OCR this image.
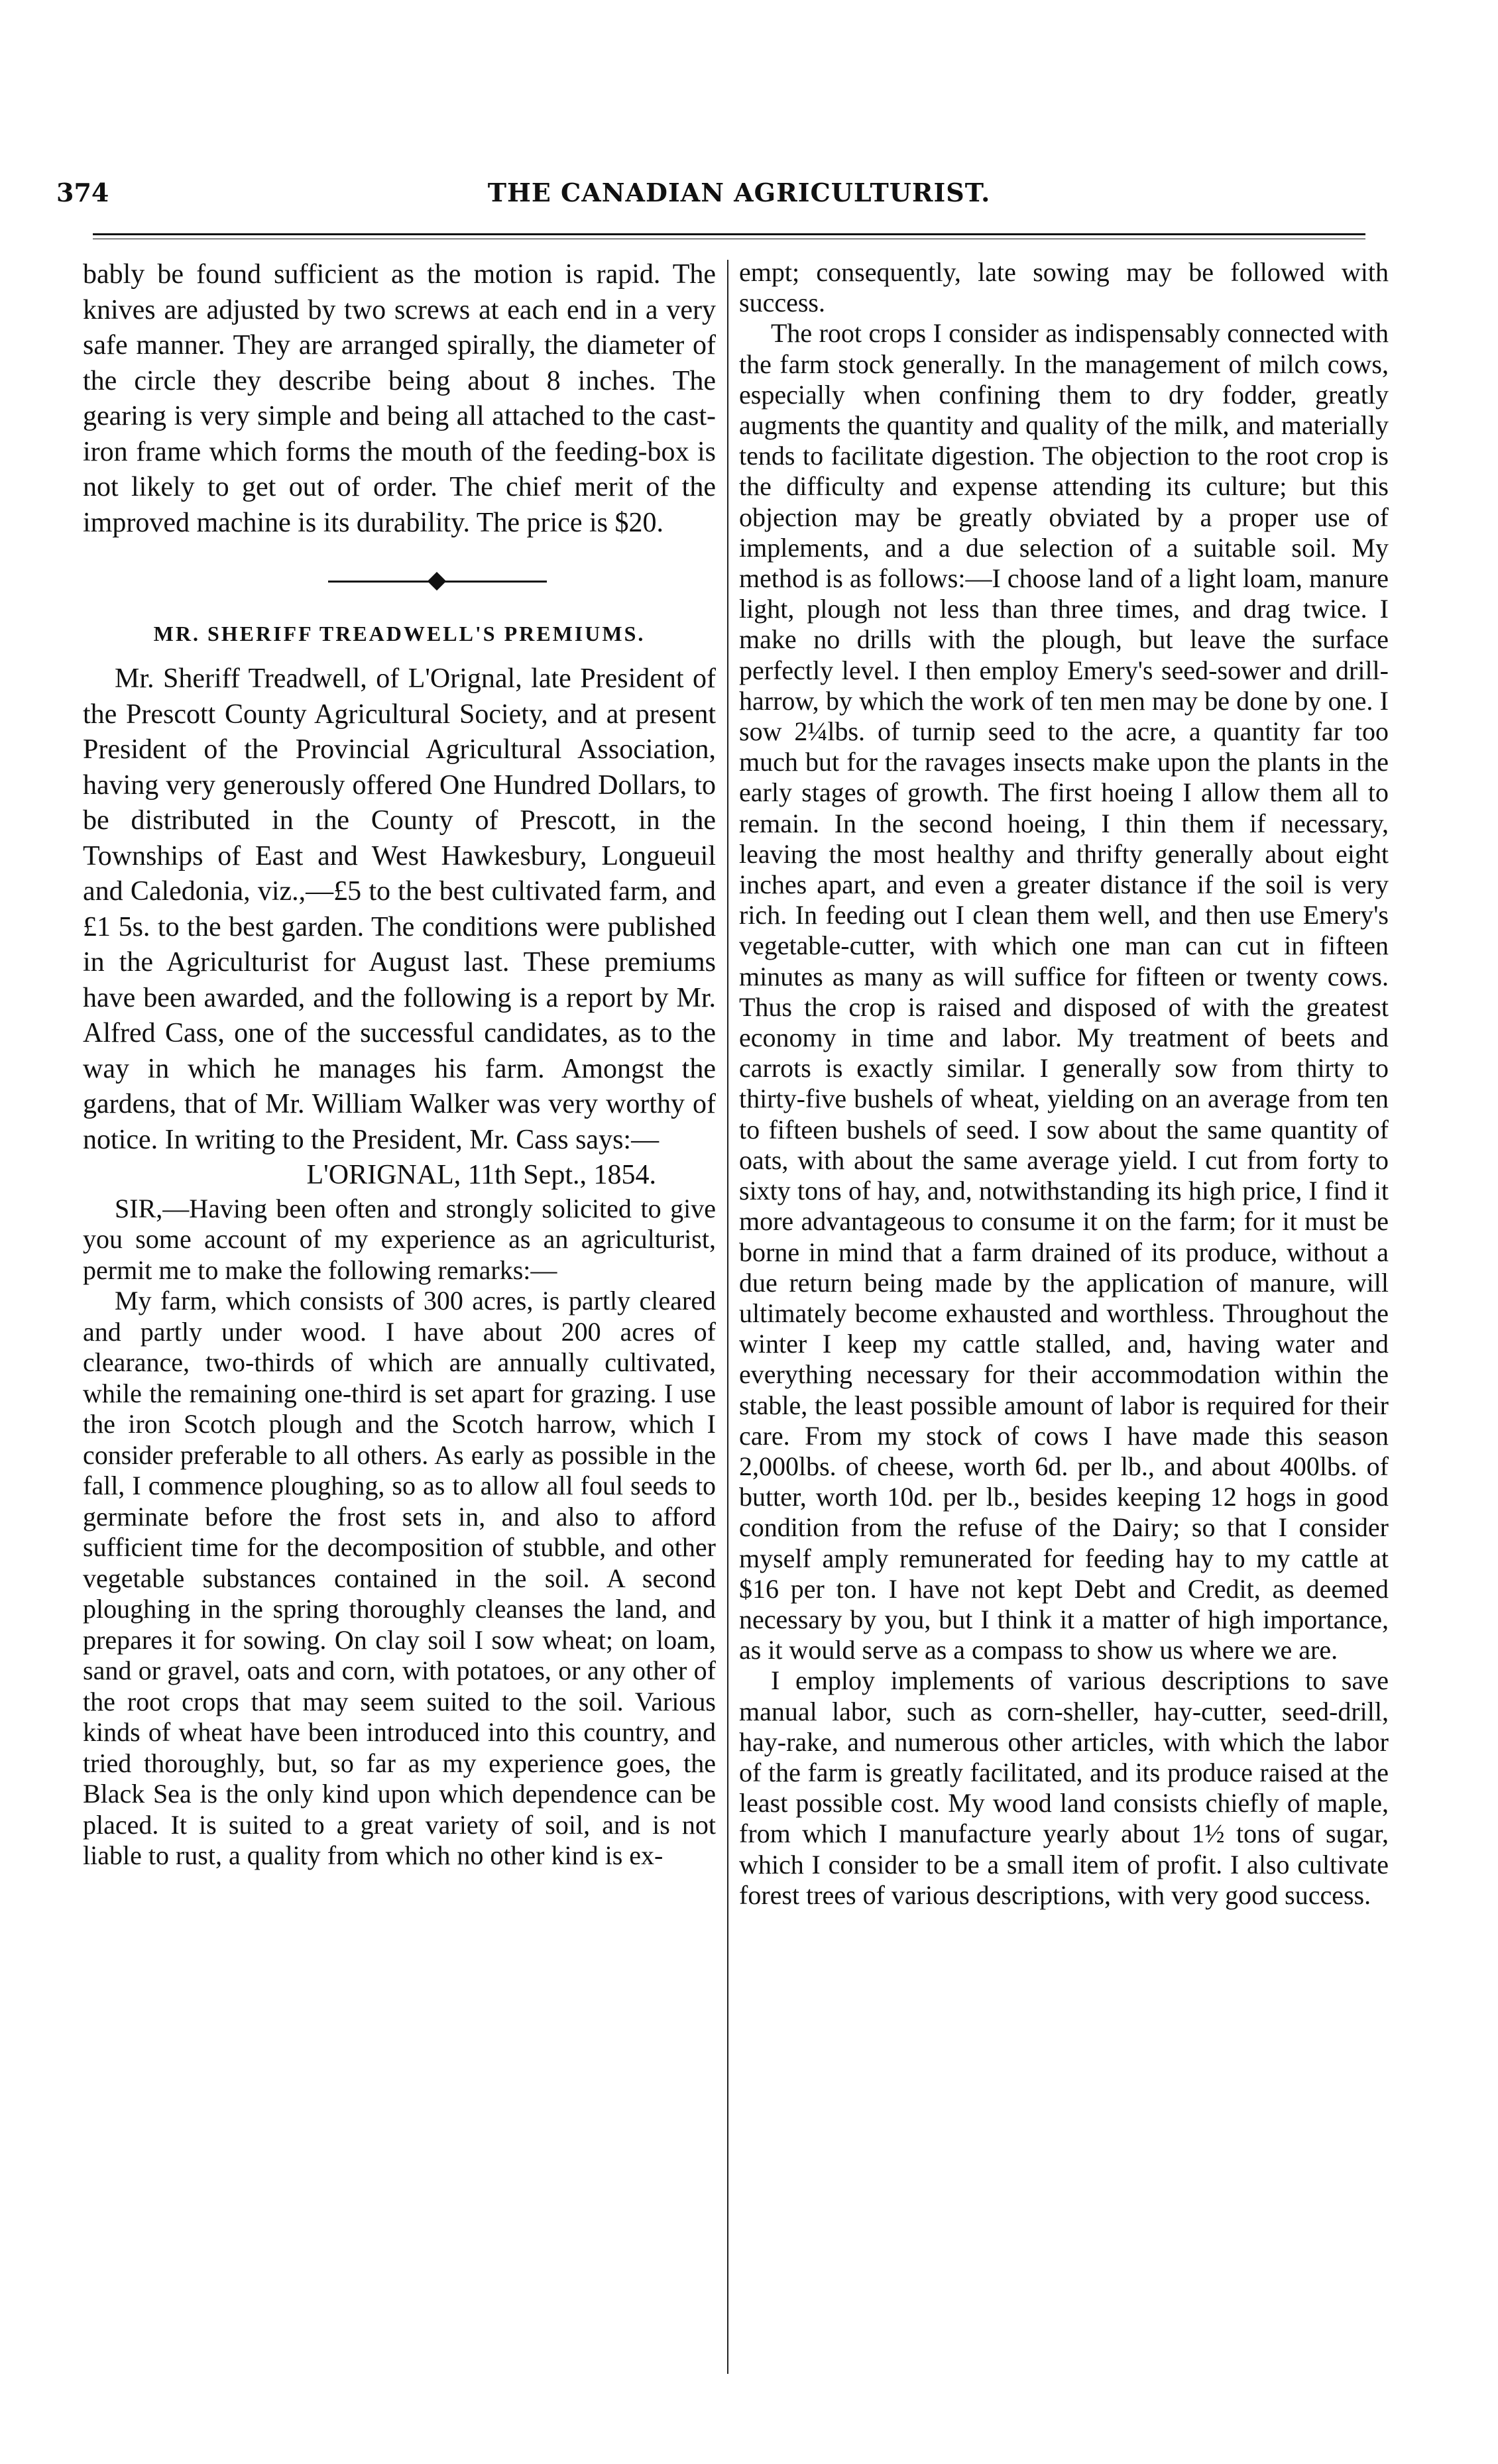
374	THE CANADIAN AGRICULTURIST.

bably be found sufficient as the motion is rapid. The knives are adjusted by two screws at each end in a very safe manner. They are arranged spirally, the diameter of the circle they describe being about 8 inches. The gearing is very simple and being all attached to the cast-iron frame which forms the mouth of the feeding-box is not likely to get out of order. The chief merit of the improved machine is its durability. The price is $20.

MR. SHERIFF TREADWELL'S PREMIUMS.

Mr. Sheriff Treadwell, of L'Orignal, late President of the Prescott County Agricultural Society, and at present President of the Provincial Agricultural Association, having very generously offered One Hundred Dollars, to be distributed in the County of Prescott, in the Townships of East and West Hawkesbury, Longueuil and Caledonia, viz.,—£5 to the best cultivated farm, and £1 5s. to the best garden. The conditions were published in the Agriculturist for August last. These premiums have been awarded, and the following is a report by Mr. Alfred Cass, one of the successful candidates, as to the way in which he manages his farm. Amongst the gardens, that of Mr. William Walker was very worthy of notice. In writing to the President, Mr. Cass says:—

L'ORIGNAL, 11th Sept., 1854.

SIR,—Having been often and strongly solicited to give you some account of my experience as an agriculturist, permit me to make the following remarks:—

My farm, which consists of 300 acres, is partly cleared and partly under wood. I have about 200 acres of clearance, two-thirds of which are annually cultivated, while the remaining one-third is set apart for grazing. I use the iron Scotch plough and the Scotch harrow, which I consider preferable to all others. As early as possible in the fall, I commence ploughing, so as to allow all foul seeds to germinate before the frost sets in, and also to afford sufficient time for the decomposition of stubble, and other vegetable substances contained in the soil. A second ploughing in the spring thoroughly cleanses the land, and prepares it for sowing. On clay soil I sow wheat; on loam, sand or gravel, oats and corn, with potatoes, or any other of the root crops that may seem suited to the soil. Various kinds of wheat have been introduced into this country, and tried thoroughly, but, so far as my experience goes, the Black Sea is the only kind upon which dependence can be placed. It is suited to a great variety of soil, and is not liable to rust, a quality from which no other kind is ex-

empt; consequently, late sowing may be followed with success.

The root crops I consider as indispensably connected with the farm stock generally. In the management of milch cows, especially when confining them to dry fodder, greatly augments the quantity and quality of the milk, and materially tends to facilitate digestion. The objection to the root crop is the difficulty and expense attending its culture; but this objection may be greatly obviated by a proper use of implements, and a due selection of a suitable soil. My method is as follows:—I choose land of a light loam, manure light, plough not less than three times, and drag twice. I make no drills with the plough, but leave the surface perfectly level. I then employ Emery's seed-sower and drill-harrow, by which the work of ten men may be done by one. I sow 2¼lbs. of turnip seed to the acre, a quantity far too much but for the ravages insects make upon the plants in the early stages of growth. The first hoeing I allow them all to remain. In the second hoeing, I thin them if necessary, leaving the most healthy and thrifty generally about eight inches apart, and even a greater distance if the soil is very rich. In feeding out I clean them well, and then use Emery's vegetable-cutter, with which one man can cut in fifteen minutes as many as will suffice for fifteen or twenty cows. Thus the crop is raised and disposed of with the greatest economy in time and labor. My treatment of beets and carrots is exactly similar. I generally sow from thirty to thirty-five bushels of wheat, yielding on an average from ten to fifteen bushels of seed. I sow about the same quantity of oats, with about the same average yield. I cut from forty to sixty tons of hay, and, notwithstanding its high price, I find it more advantageous to consume it on the farm; for it must be borne in mind that a farm drained of its produce, without a due return being made by the application of manure, will ultimately become exhausted and worthless. Throughout the winter I keep my cattle stalled, and, having water and everything necessary for their accommodation within the stable, the least possible amount of labor is required for their care. From my stock of cows I have made this season 2,000lbs. of cheese, worth 6d. per lb., and about 400lbs. of butter, worth 10d. per lb., besides keeping 12 hogs in good condition from the refuse of the Dairy; so that I consider myself amply remunerated for feeding hay to my cattle at $16 per ton. I have not kept Debt and Credit, as deemed necessary by you, but I think it a matter of high importance, as it would serve as a compass to show us where we are.

I employ implements of various descriptions to save manual labor, such as corn-sheller, hay-cutter, seed-drill, hay-rake, and numerous other articles, with which the labor of the farm is greatly facilitated, and its produce raised at the least possible cost. My wood land consists chiefly of maple, from which I manufacture yearly about 1½ tons of sugar, which I consider to be a small item of profit. I also cultivate forest trees of various descriptions, with very good success.
